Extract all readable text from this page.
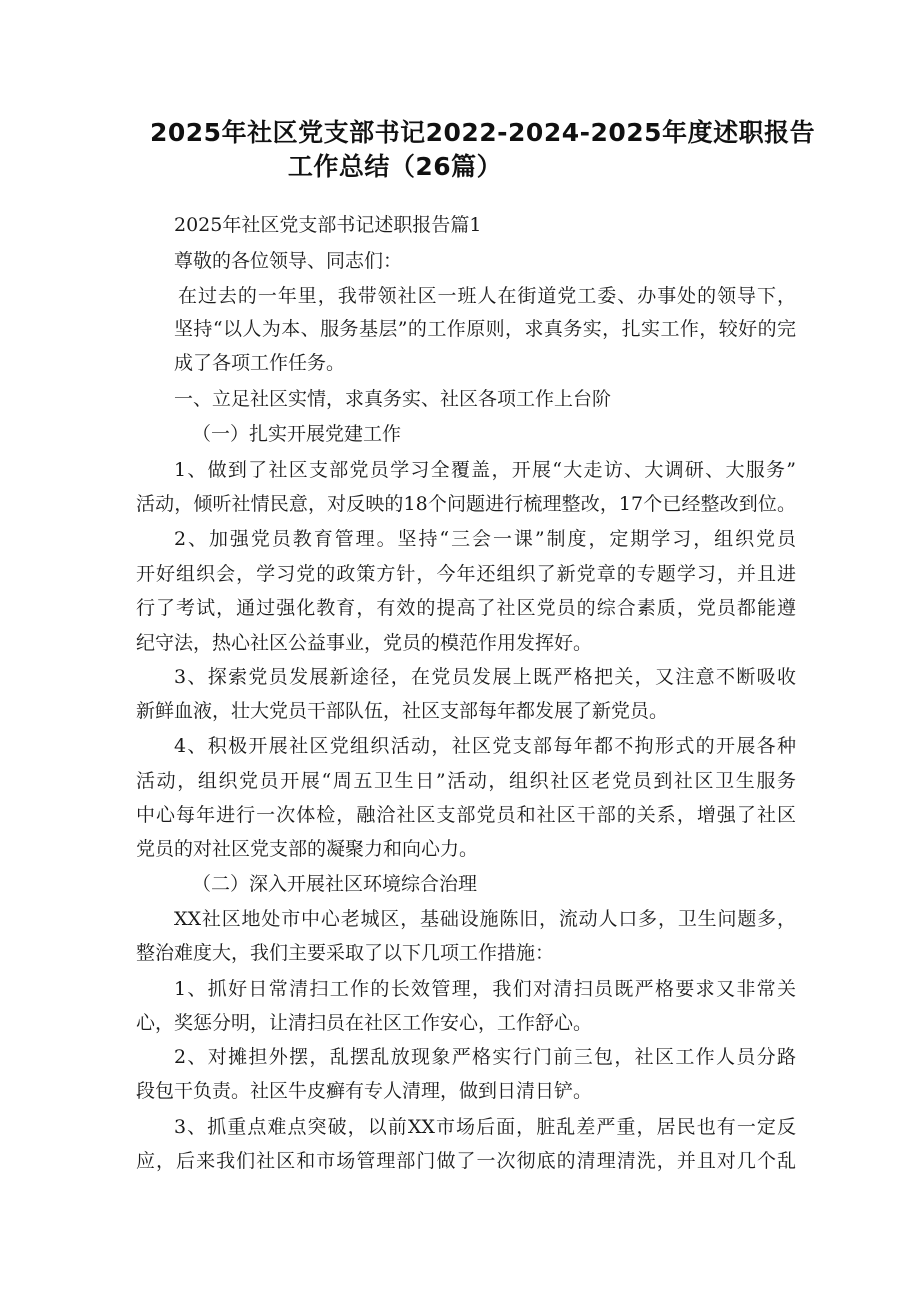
2025年社区党支部书记2022-2024-2025年度述职报告
工作总结（26篇）
2025年社区党支部书记述职报告篇1
尊敬的各位领导、同志们：
在过去的一年里，我带领社区一班人在街道党工委、办事处的领导下，
坚持“以人为本、服务基层”的工作原则，求真务实，扎实工作，较好的完
成了各项工作任务。
一、立足社区实情，求真务实、社区各项工作上台阶
（一）扎实开展党建工作
1、做到了社区支部党员学习全覆盖，开展“大走访、大调研、大服务”
活动，倾听社情民意，对反映的18个问题进行梳理整改，17个已经整改到位。
2、加强党员教育管理。坚持“三会一课”制度，定期学习，组织党员
开好组织会，学习党的政策方针，今年还组织了新党章的专题学习，并且进
行了考试，通过强化教育，有效的提高了社区党员的综合素质，党员都能遵
纪守法，热心社区公益事业，党员的模范作用发挥好。
3、探索党员发展新途径，在党员发展上既严格把关，又注意不断吸收
新鲜血液，壮大党员干部队伍，社区支部每年都发展了新党员。
4、积极开展社区党组织活动，社区党支部每年都不拘形式的开展各种
活动，组织党员开展“周五卫生日”活动，组织社区老党员到社区卫生服务
中心每年进行一次体检，融洽社区支部党员和社区干部的关系，增强了社区
党员的对社区党支部的凝聚力和向心力。
（二）深入开展社区环境综合治理
XX社区地处市中心老城区，基础设施陈旧，流动人口多，卫生问题多，
整治难度大，我们主要采取了以下几项工作措施：
1、抓好日常清扫工作的长效管理，我们对清扫员既严格要求又非常关
心，奖惩分明，让清扫员在社区工作安心，工作舒心。
2、对摊担外摆，乱摆乱放现象严格实行门前三包，社区工作人员分路
段包干负责。社区牛皮癣有专人清理，做到日清日铲。
3、抓重点难点突破，以前XX市场后面，脏乱差严重，居民也有一定反
应，后来我们社区和市场管理部门做了一次彻底的清理清洗，并且对几个乱
